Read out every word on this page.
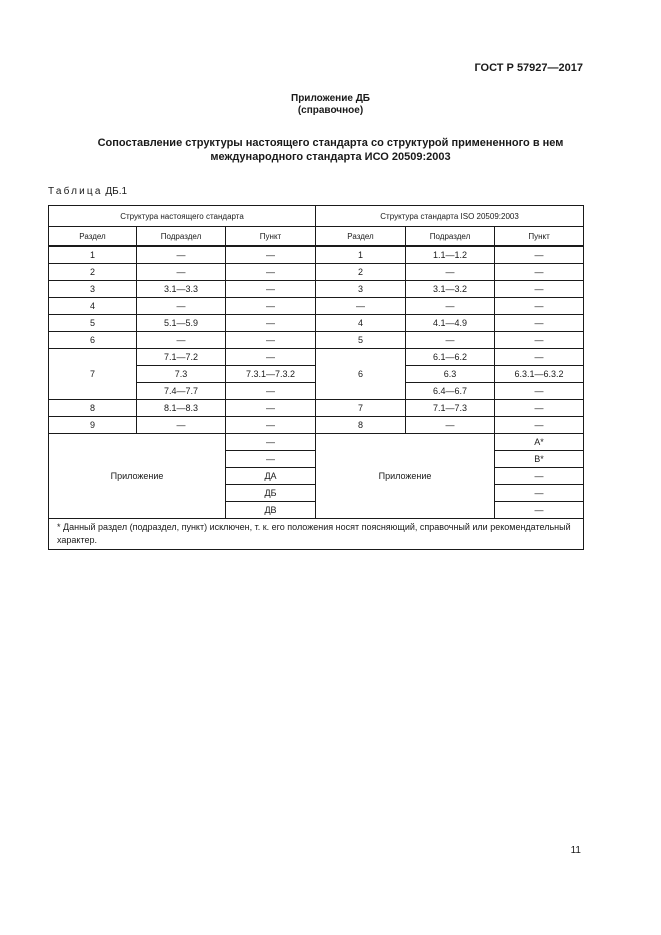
ГОСТ Р 57927—2017
Приложение ДБ
(справочное)
Сопоставление структуры настоящего стандарта со структурой примененного в нем
международного стандарта ИСО 20509:2003
Таблица ДБ.1
Структура настоящего стандарта			Структура стандарта ISO 20509:2003		
Раздел	Подраздел	Пункт	Раздел	Подраздел	Пункт
1	—	—	1	1.1—1.2	—
2	—	—	2	—	—
3	3.1—3.3	—	3	3.1—3.2	—
4	—	—	—	—	—
5	5.1—5.9	—	4	4.1—4.9	—
6	—	—	5	—	—
7	7.1—7.2	—	6	6.1—6.2	—
	7.3	7.3.1—7.3.2		6.3	6.3.1—6.3.2
	7.4—7.7	—		6.4—6.7	—
8	8.1—8.3	—	7	7.1—7.3	—
9	—	—	8	—	—
Приложение		—	Приложение		A*
		—			B*
		ДА			—
		ДБ			—
		ДВ			—
* Данный раздел (подраздел, пункт) исключен, т. к. его положения носят поясняющий, справочный или рекомендательный характер.					
11
